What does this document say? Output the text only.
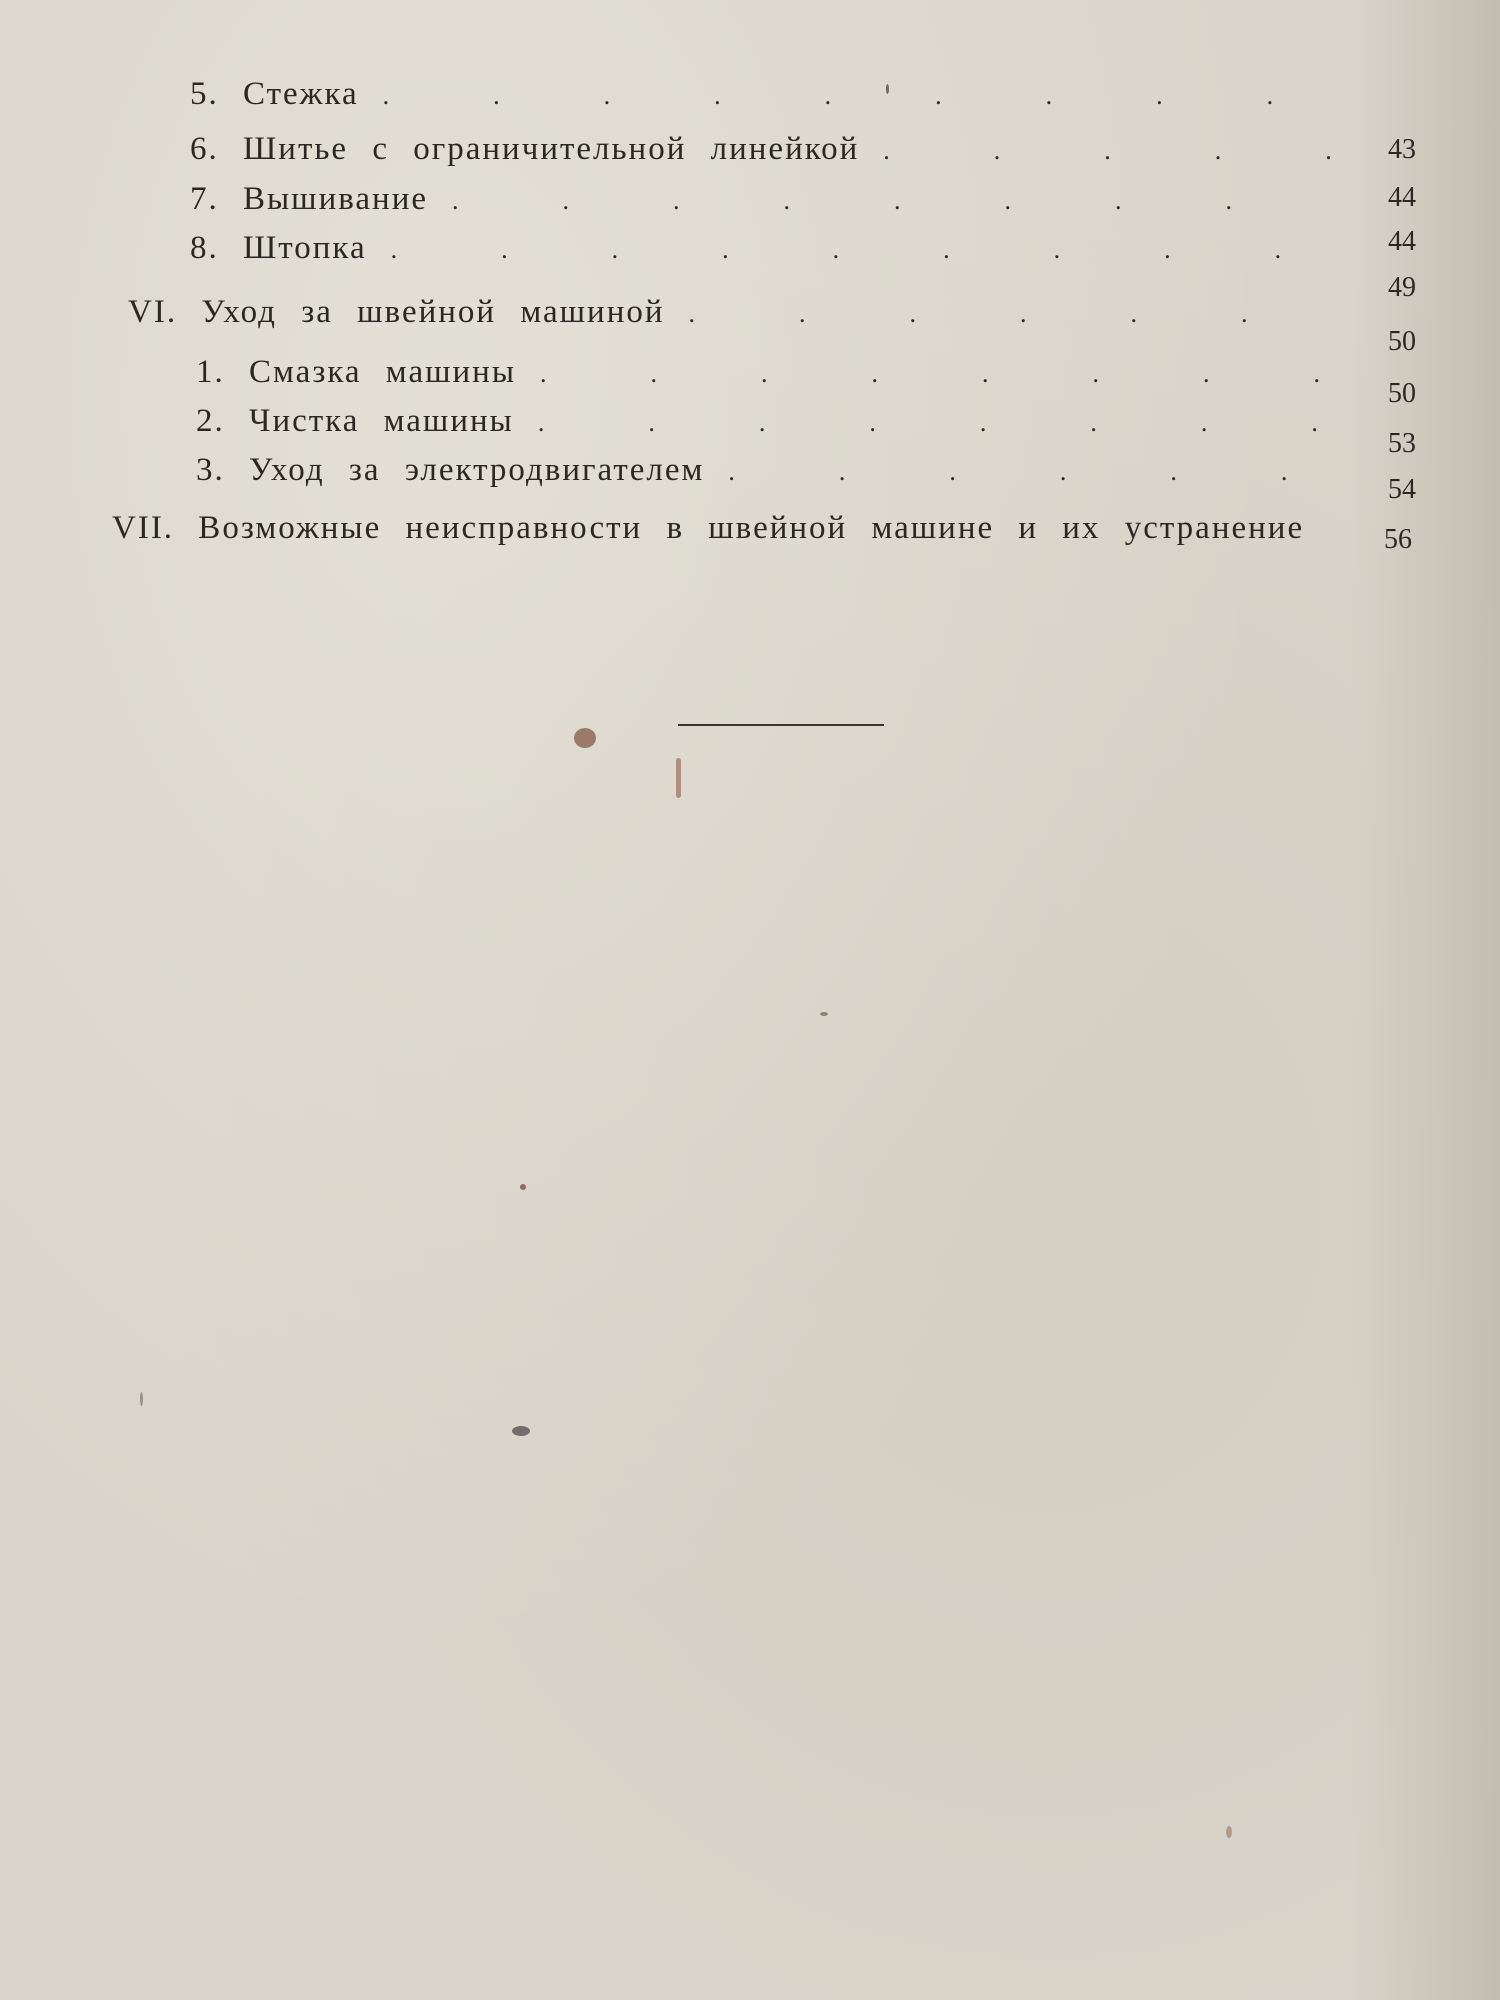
5. Стежка
.
6. Шитье с ограничительной линейкой
.
7. Вышивание
.
8. Штопка
.
VI. Уход за швейной машиной
.
1. Смазка машины
.
2. Чистка машины
.
3. Уход за электродвигателем
.
VII. Возможные неисправности в швейной машине и их устранение
43
44
44
49
50
50
53
54
56
